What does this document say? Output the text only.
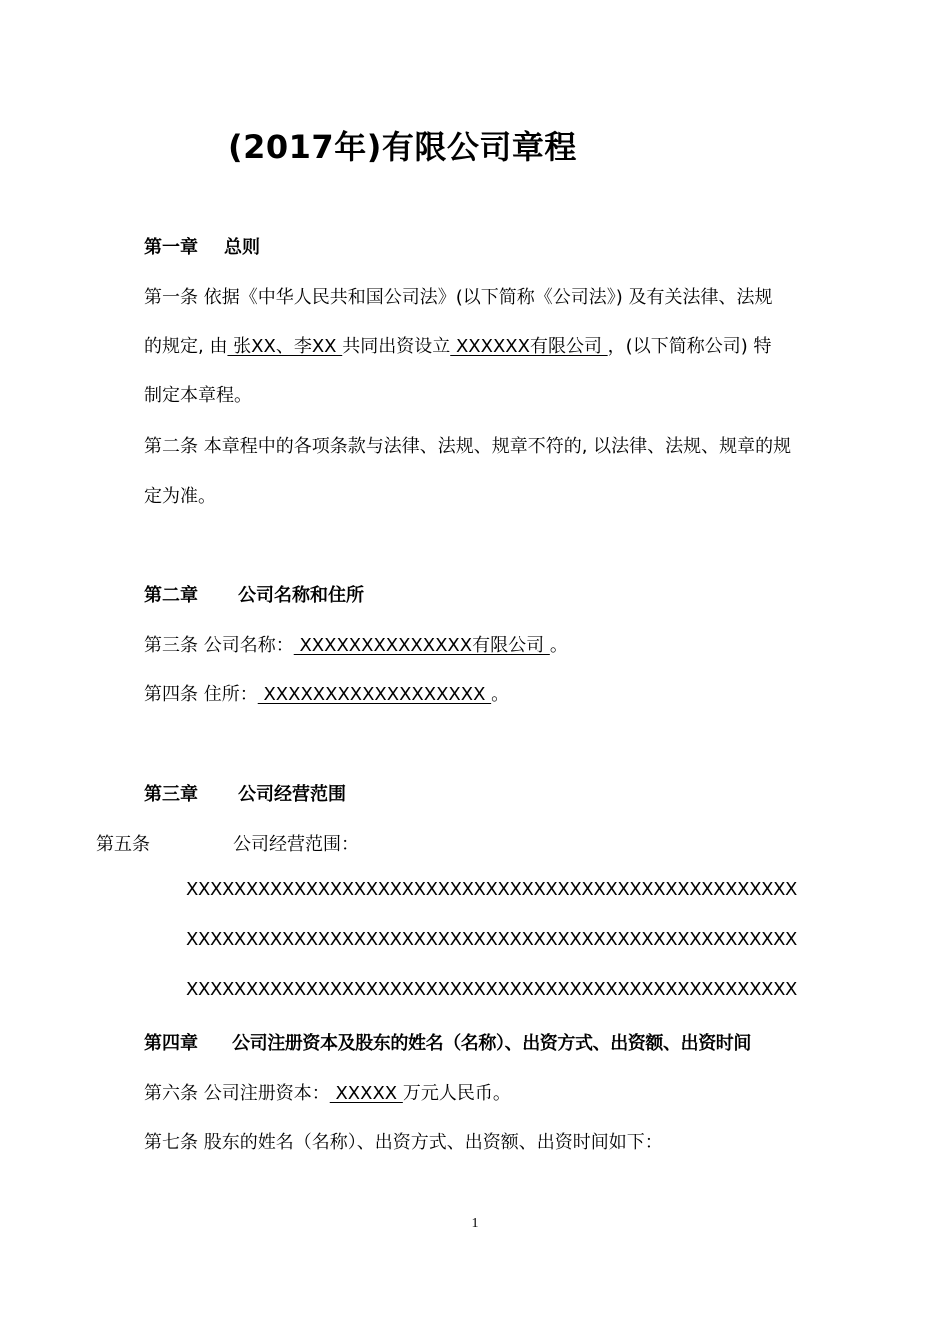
(2017年)有限公司章程
第一章 总则
第一条 依据《中华人民共和国公司法》(以下简称《公司法》) 及有关法律、法规
的规定, 由 张XX、李XX 共同出资设立 XXXXXX有限公司 ，(以下简称公司) 特
制定本章程。
第二条 本章程中的各项条款与法律、法规、规章不符的, 以法律、法规、规章的规
定为准。
第二章 公司名称和住所
第三条 公司名称： XXXXXXXXXXXXXX有限公司 。
第四条 住所： XXXXXXXXXXXXXXXXXX 。
第三章 公司经营范围
第五条	公司经营范围：
XXXXXXXXXXXXXXXXXXXXXXXXXXXXXXXXXXXXXXXXXXXXXXXXXXX
XXXXXXXXXXXXXXXXXXXXXXXXXXXXXXXXXXXXXXXXXXXXXXXXXXX
XXXXXXXXXXXXXXXXXXXXXXXXXXXXXXXXXXXXXXXXXXXXXXXXXXX
第四章 公司注册资本及股东的姓名（名称）、出资方式、出资额、出资时间
第六条 公司注册资本： XXXXX 万元人民币。
第七条 股东的姓名（名称）、出资方式、出资额、出资时间如下：
1
